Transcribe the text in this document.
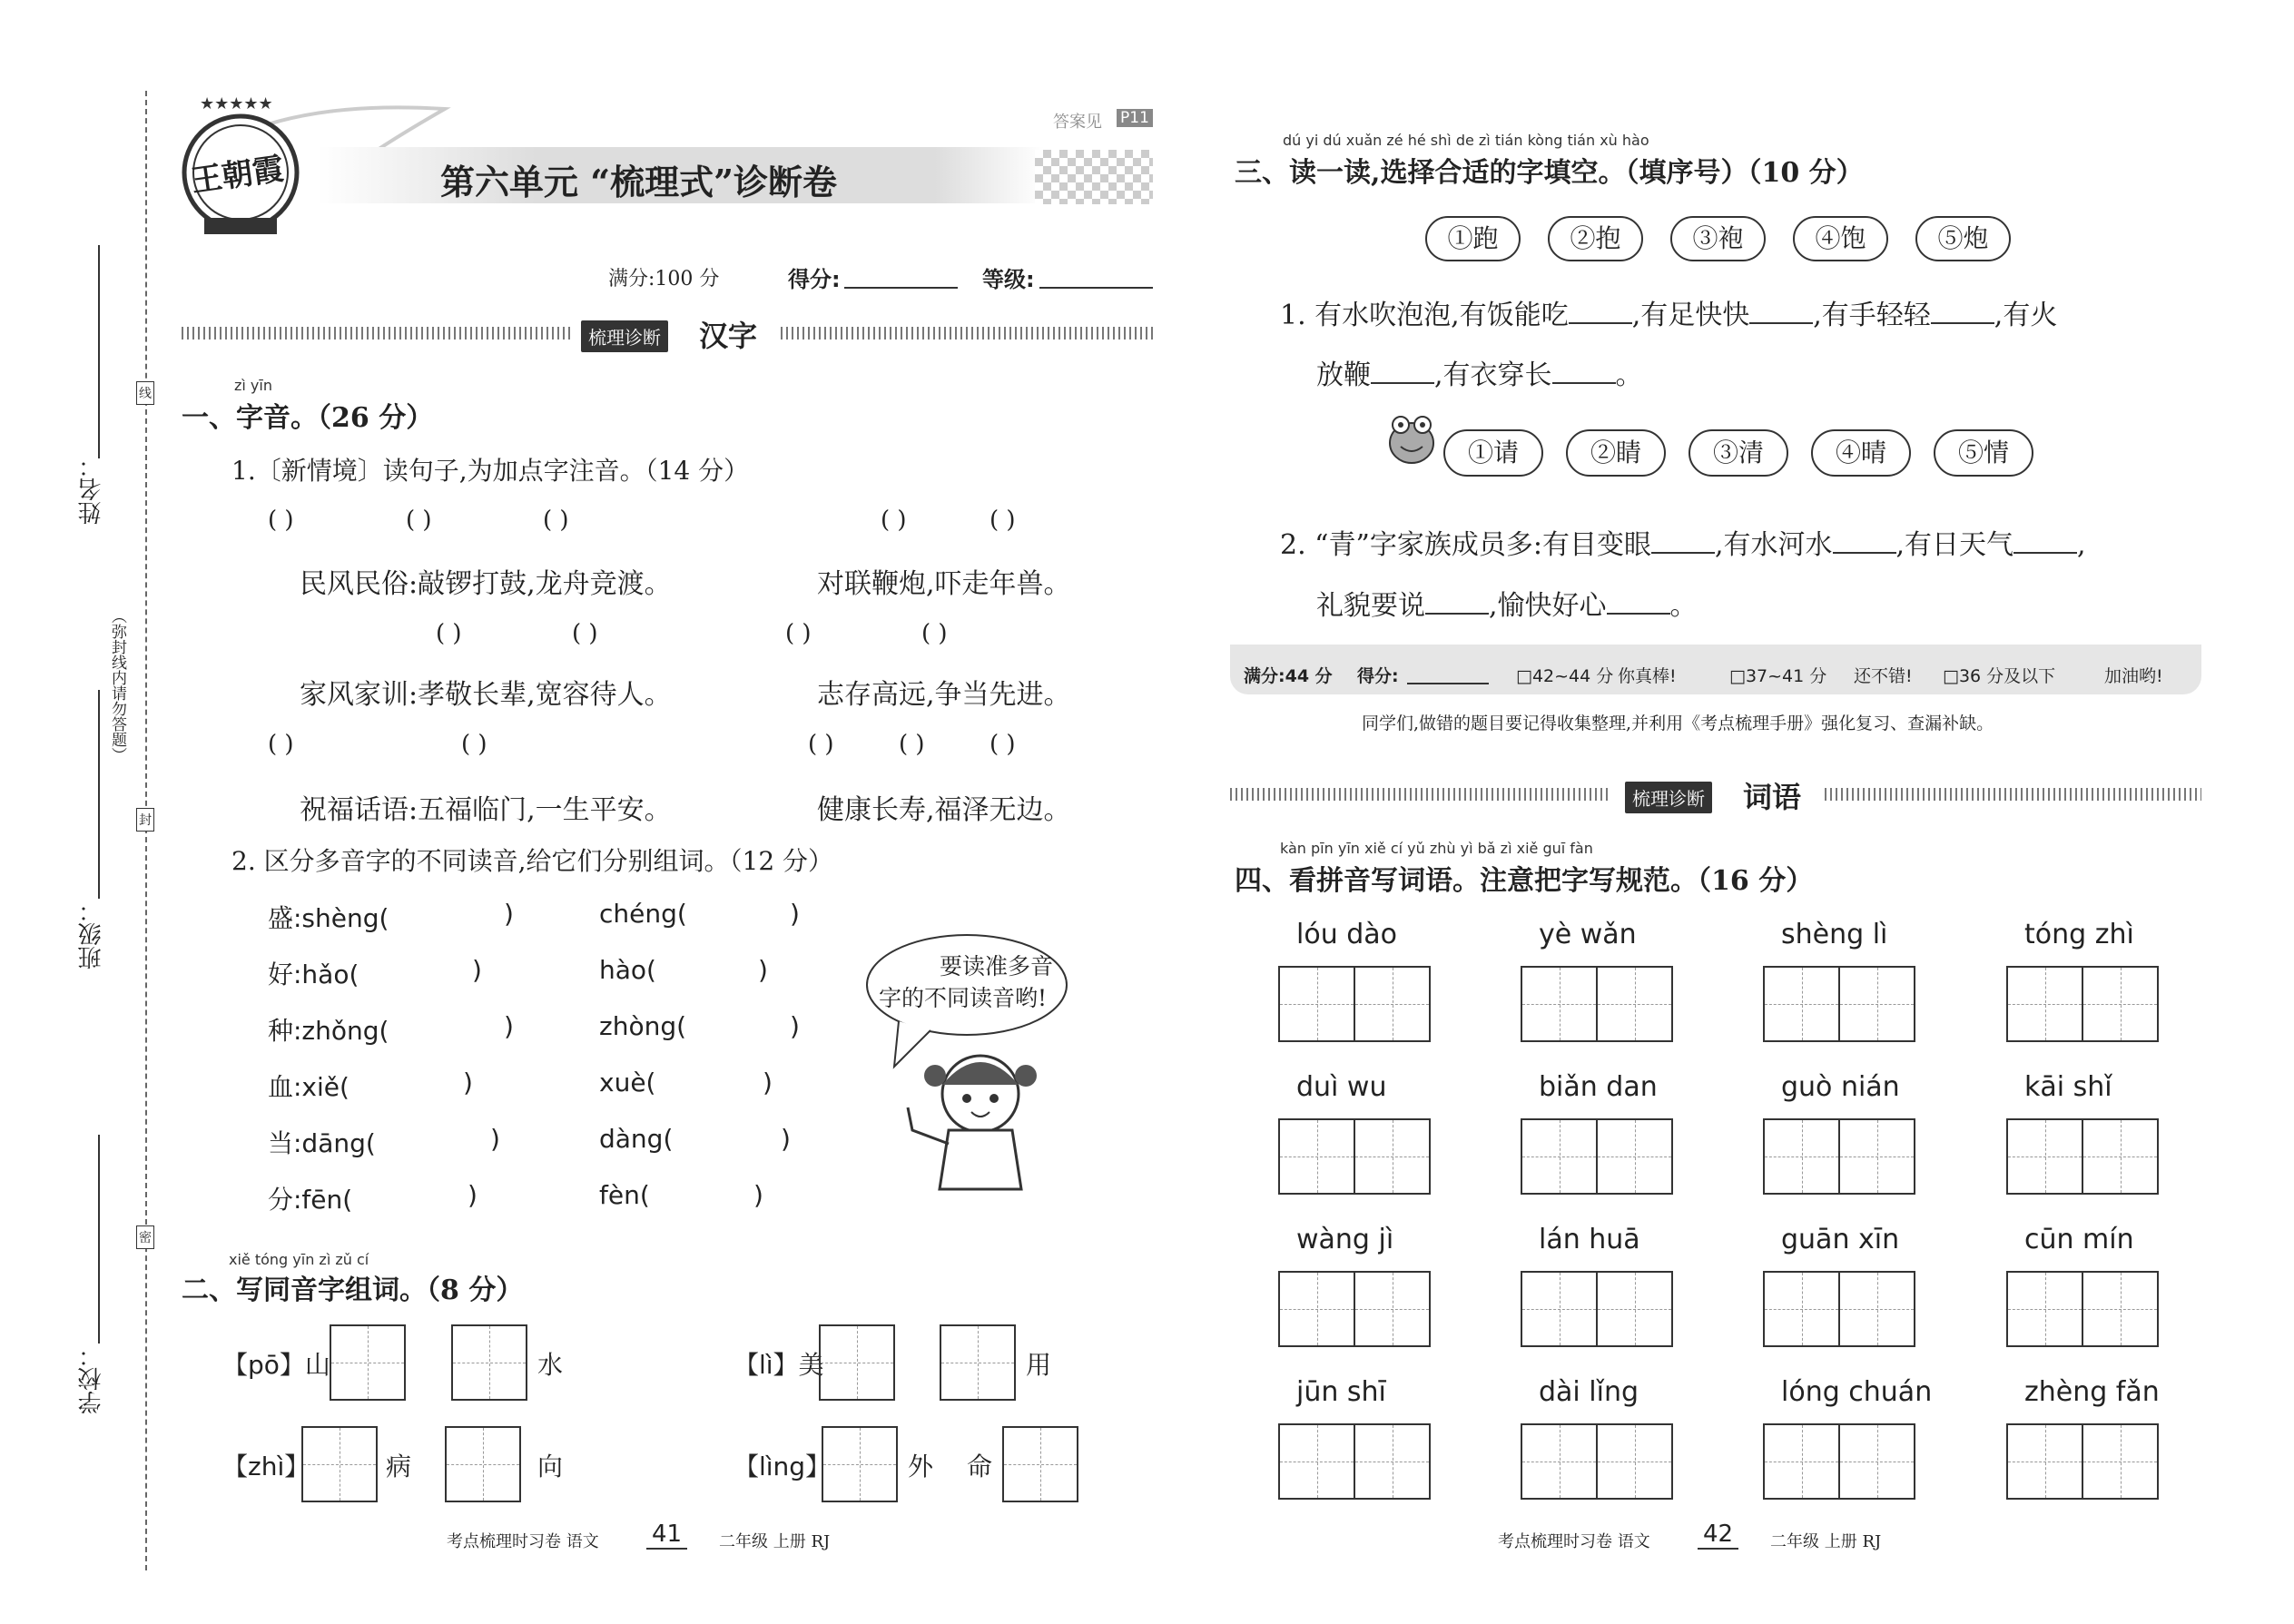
姓名：
班级：
学校：
（弥封线内请勿答题）
线
封
密
★★★★★
王朝霞	第六单元 “梳理式”诊断卷
答案见 P11
满分:100 分	得分:	等级:
梳理诊断 汉字
zì yīn
一、字音。（26 分）
1.〔新情境〕读句子,为加点字注音。（14 分）
( )	( )	( )	( )	( )
民风民俗:敲锣打鼓,龙舟竞渡。	对联鞭炮,吓走年兽。
( )	( )	( )	( )
家风家训:孝敬长辈,宽容待人。	志存高远,争当先进。
( )	( )	( )	( )	( )
祝福话语:五福临门,一生平安。	健康长寿,福泽无边。
2. 区分多音字的不同读音,给它们分别组词。（12 分）
盛:shèng(	)	chéng(	)
好:hǎo(	)	hào(	)
种:zhǒng(	)	zhòng(	)
血:xiě(	)	xuè(	)
当:dāng(	)	dàng(	)
分:fēn(	)	fèn(	)
要读准多音
字的不同读音哟!
xiě tóng yīn zì zǔ cí
二、写同音字组词。（8 分）
【pō】山	水	【lì】美	用
【zhì】	病	向	【lìng】	外 命
考点梳理时习卷 语文 41	二年级 上册 RJ
dú yi dú xuǎn zé hé shì de zì tián kòng tián xù hào
三、读一读,选择合适的字填空。（填序号）（10 分）
①跑	②抱	③袍	④饱	⑤炮
1. 有水吹泡泡,有饭能吃 ,有足快快 ,有手轻轻 ,有火
放鞭 ,有衣穿长 。
①请	②睛	③清	④晴	⑤情
2. “青”字家族成员多:有目变眼 ,有水河水 ,有日天气 ,
礼貌要说 ,愉快好心 。
满分:44 分 得分:	□42~44 分 你真棒!	□37~41 分 还不错! □36 分及以下	加油哟!
同学们,做错的题目要记得收集整理,并利用《考点梳理手册》强化复习、查漏补缺。
梳理诊断 词语
kàn pīn yīn xiě cí yǔ zhù yì bǎ zì xiě guī fàn
四、看拼音写词语。注意把字写规范。（16 分）
lóu dào	yè wǎn	shèng lì	tóng zhì
duì wu	biǎn dan	guò nián	kāi shǐ
wàng jì	lán huā	guān xīn	cūn mín
jūn shī	dài lǐng	lóng chuán	zhèng fǎn
考点梳理时习卷 语文 42	二年级 上册 RJ
